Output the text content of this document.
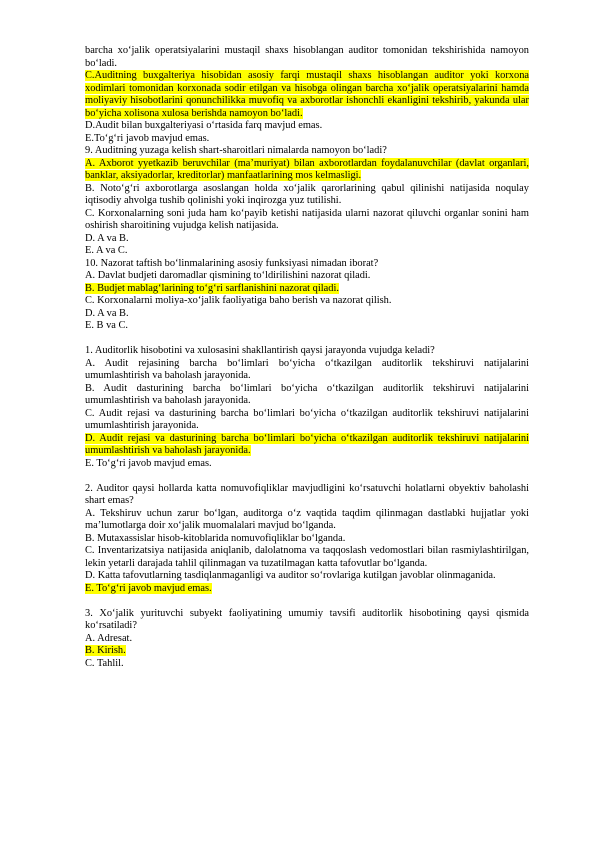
barcha xo‘jalik operatsiyalarini mustaqil shaxs hisoblangan auditor tomonidan tekshirishida namoyon bo‘ladi.
C.Auditning buxgalteriya hisobidan asosiy farqi mustaqil shaxs hisoblangan auditor yoki korxona xodimlari tomonidan korxonada sodir etilgan va hisobga olingan barcha xo‘jalik operatsiyalarini hamda moliyaviy hisobotlarini qonunchilikka muvofiq va axborotlar ishonchli ekanligini tekshirib, yakunda ular bo‘yicha xolisona xulosa berishda namoyon bo‘ladi.
D.Audit bilan buxgalteriyasi o‘rtasida farq mavjud emas.
E.To‘g‘ri javob mavjud emas.
9. Auditning yuzaga kelish shart-sharoitlari nimalarda namoyon bo‘ladi?
A. Axborot yyetkazib beruvchilar (ma’muriyat) bilan axborotlardan foydalanuvchilar (davlat organlari, banklar, aksiyadorlar, kreditorlar) manfaatlarining mos kelmasligi.
B. Noto‘g‘ri axborotlarga asoslangan holda xo‘jalik qarorlarining qabul qilinishi natijasida noqulay iqtisodiy ahvolga tushib qolinishi yoki inqirozga yuz tutilishi.
C. Korxonalarning soni juda ham ko‘payib ketishi natijasida ularni nazorat qiluvchi organlar sonini ham oshirish sharoitining vujudga kelish natijasida.
D. A va B.
E. A va C.
10. Nazorat taftish bo‘linmalarining asosiy funksiyasi nimadan iborat?
A. Davlat budjeti daromadlar qismining to‘ldirilishini nazorat qiladi.
B. Budjet mablag‘larining to‘g‘ri sarflanishini nazorat qiladi.
C. Korxonalarni moliya-xo‘jalik faoliyatiga baho berish va nazorat qilish.
D. A va B.
E. B va C.
1. Auditorlik hisobotini va xulosasini shakllantirish qaysi jarayonda vujudga keladi?
A. Audit rejasining barcha bo‘limlari bo‘yicha o‘tkazilgan auditorlik tekshiruvi natijalarini umumlashtirish va baholash jarayonida.
B. Audit dasturining barcha bo‘limlari bo‘yicha o‘tkazilgan auditorlik tekshiruvi natijalarini umumlashtirish va baholash jarayonida.
C. Audit rejasi va dasturining barcha bo‘limlari bo‘yicha o‘tkazilgan auditorlik tekshiruvi natijalarini umumlashtirish jarayonida.
D. Audit rejasi va dasturining barcha bo‘limlari bo‘yicha o‘tkazilgan auditorlik tekshiruvi natijalarini umumlashtirish va baholash jarayonida.
E. To‘g‘ri javob mavjud emas.
2. Auditor qaysi hollarda katta nomuvofiqliklar mavjudligini ko‘rsatuvchi holatlarni obyektiv baholashi shart emas?
A. Tekshiruv uchun zarur bo‘lgan, auditorga o‘z vaqtida taqdim qilinmagan dastlabki hujjatlar yoki ma’lumotlarga doir xo‘jalik muomalalari mavjud bo‘lganda.
B. Mutaxassislar hisob-kitoblarida nomuvofiqliklar bo‘lganda.
C. Inventarizatsiya natijasida aniqlanib, dalolatnoma va taqqoslash vedomostlari bilan rasmiylashtirilgan, lekin yetarli darajada tahlil qilinmagan va tuzatilmagan katta tafovutlar bo‘lganda.
D. Katta tafovutlarning tasdiqlanmaganligi va auditor so‘rovlariga kutilgan javoblar olinmaganida.
E. To‘g‘ri javob mavjud emas.
3. Xo‘jalik yurituvchi subyekt faoliyatining umumiy tavsifi auditorlik hisobotining qaysi qismida ko‘rsatiladi?
A. Adresat.
B. Kirish.
C. Tahlil.
